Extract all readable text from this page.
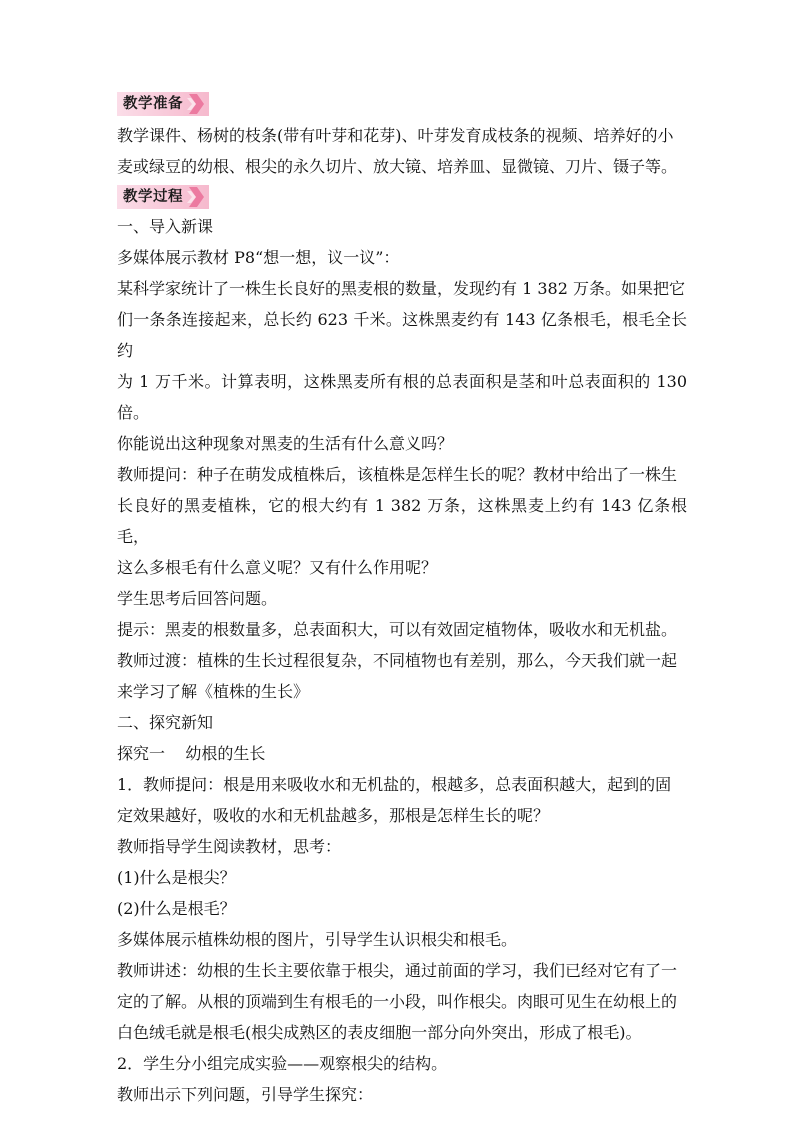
教学准备

教学课件、杨树的枝条(带有叶芽和花芽)、叶芽发育成枝条的视频、培养好的小

麦或绿豆的幼根、根尖的永久切片、放大镜、培养皿、显微镜、刀片、镊子等。

教学过程

一、导入新课

多媒体展示教材 P8“想一想，议一议”：

某科学家统计了一株生长良好的黑麦根的数量，发现约有 1 382 万条。如果把它

们一条条连接起来，总长约 623 千米。这株黑麦约有 143 亿条根毛，根毛全长约

为 1 万千米。计算表明，这株黑麦所有根的总表面积是茎和叶总表面积的 130 倍。

你能说出这种现象对黑麦的生活有什么意义吗？

教师提问：种子在萌发成植株后，该植株是怎样生长的呢？教材中给出了一株生

长良好的黑麦植株，它的根大约有 1 382 万条，这株黑麦上约有 143 亿条根毛，

这么多根毛有什么意义呢？又有什么作用呢？

学生思考后回答问题。

提示：黑麦的根数量多，总表面积大，可以有效固定植物体，吸收水和无机盐。

教师过渡：植株的生长过程很复杂，不同植物也有差别，那么，今天我们就一起

来学习了解《植株的生长》

二、探究新知

探究一    幼根的生长

1．教师提问：根是用来吸收水和无机盐的，根越多，总表面积越大，起到的固

定效果越好，吸收的水和无机盐越多，那根是怎样生长的呢？

教师指导学生阅读教材，思考：

(1)什么是根尖？

(2)什么是根毛？

多媒体展示植株幼根的图片，引导学生认识根尖和根毛。

教师讲述：幼根的生长主要依靠于根尖，通过前面的学习，我们已经对它有了一

定的了解。从根的顶端到生有根毛的一小段，叫作根尖。肉眼可见生在幼根上的

白色绒毛就是根毛(根尖成熟区的表皮细胞一部分向外突出，形成了根毛)。

2．学生分小组完成实验——观察根尖的结构。

教师出示下列问题，引导学生探究：
